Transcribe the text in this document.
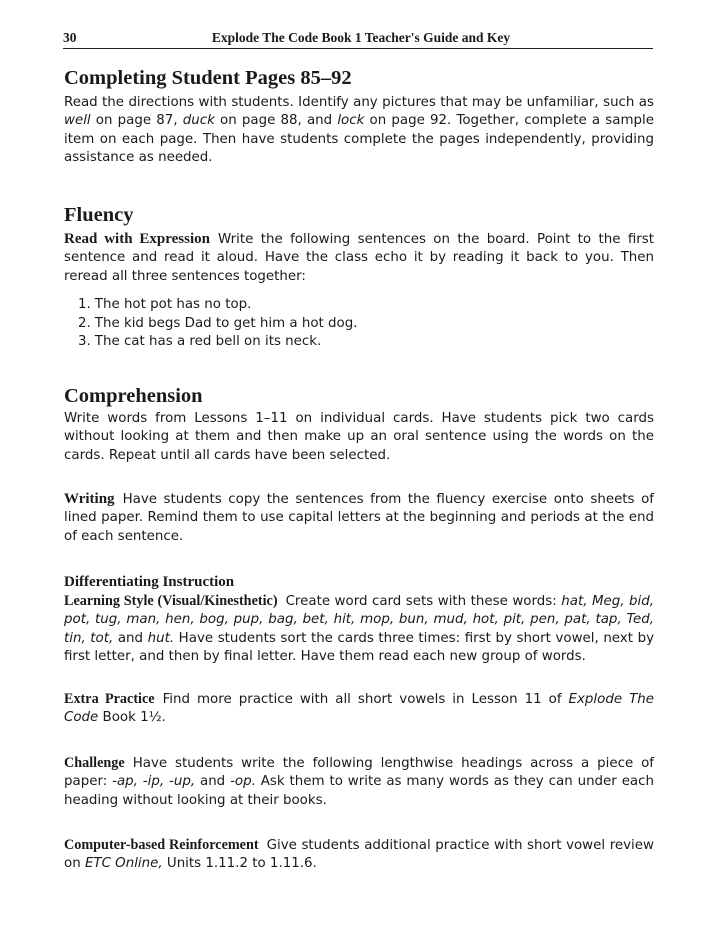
30	Explode The Code Book 1 Teacher's Guide and Key
Completing Student Pages 85–92

Read the directions with students. Identify any pictures that may be unfamiliar, such as well on page 87, duck on page 88, and lock on page 92. Together, complete a sample item on each page. Then have students complete the pages independently, providing assistance as needed.

Fluency

Read with Expression Write the following sentences on the board. Point to the first sentence and read it aloud. Have the class echo it by reading it back to you. Then reread all three sentences together:

1. The hot pot has no top.
2. The kid begs Dad to get him a hot dog.
3. The cat has a red bell on its neck.
Comprehension

Write words from Lessons 1–11 on individual cards. Have students pick two cards without looking at them and then make up an oral sentence using the words on the cards. Repeat until all cards have been selected.

Writing Have students copy the sentences from the fluency exercise onto sheets of lined paper. Remind them to use capital letters at the beginning and periods at the end of each sentence.

Differentiating Instruction

Learning Style (Visual/Kinesthetic) Create word card sets with these words: hat, Meg, bid, pot, tug, man, hen, bog, pup, bag, bet, hit, mop, bun, mud, hot, pit, pen, pat, tap, Ted, tin, tot, and hut. Have students sort the cards three times: first by short vowel, next by first letter, and then by final letter. Have them read each new group of words.

Extra Practice Find more practice with all short vowels in Lesson 11 of Explode The Code Book 1½.

Challenge Have students write the following lengthwise headings across a piece of paper: -ap, -ip, -up, and -op. Ask them to write as many words as they can under each heading without looking at their books.

Computer-based Reinforcement Give students additional practice with short vowel review on ETC Online, Units 1.11.2 to 1.11.6.
